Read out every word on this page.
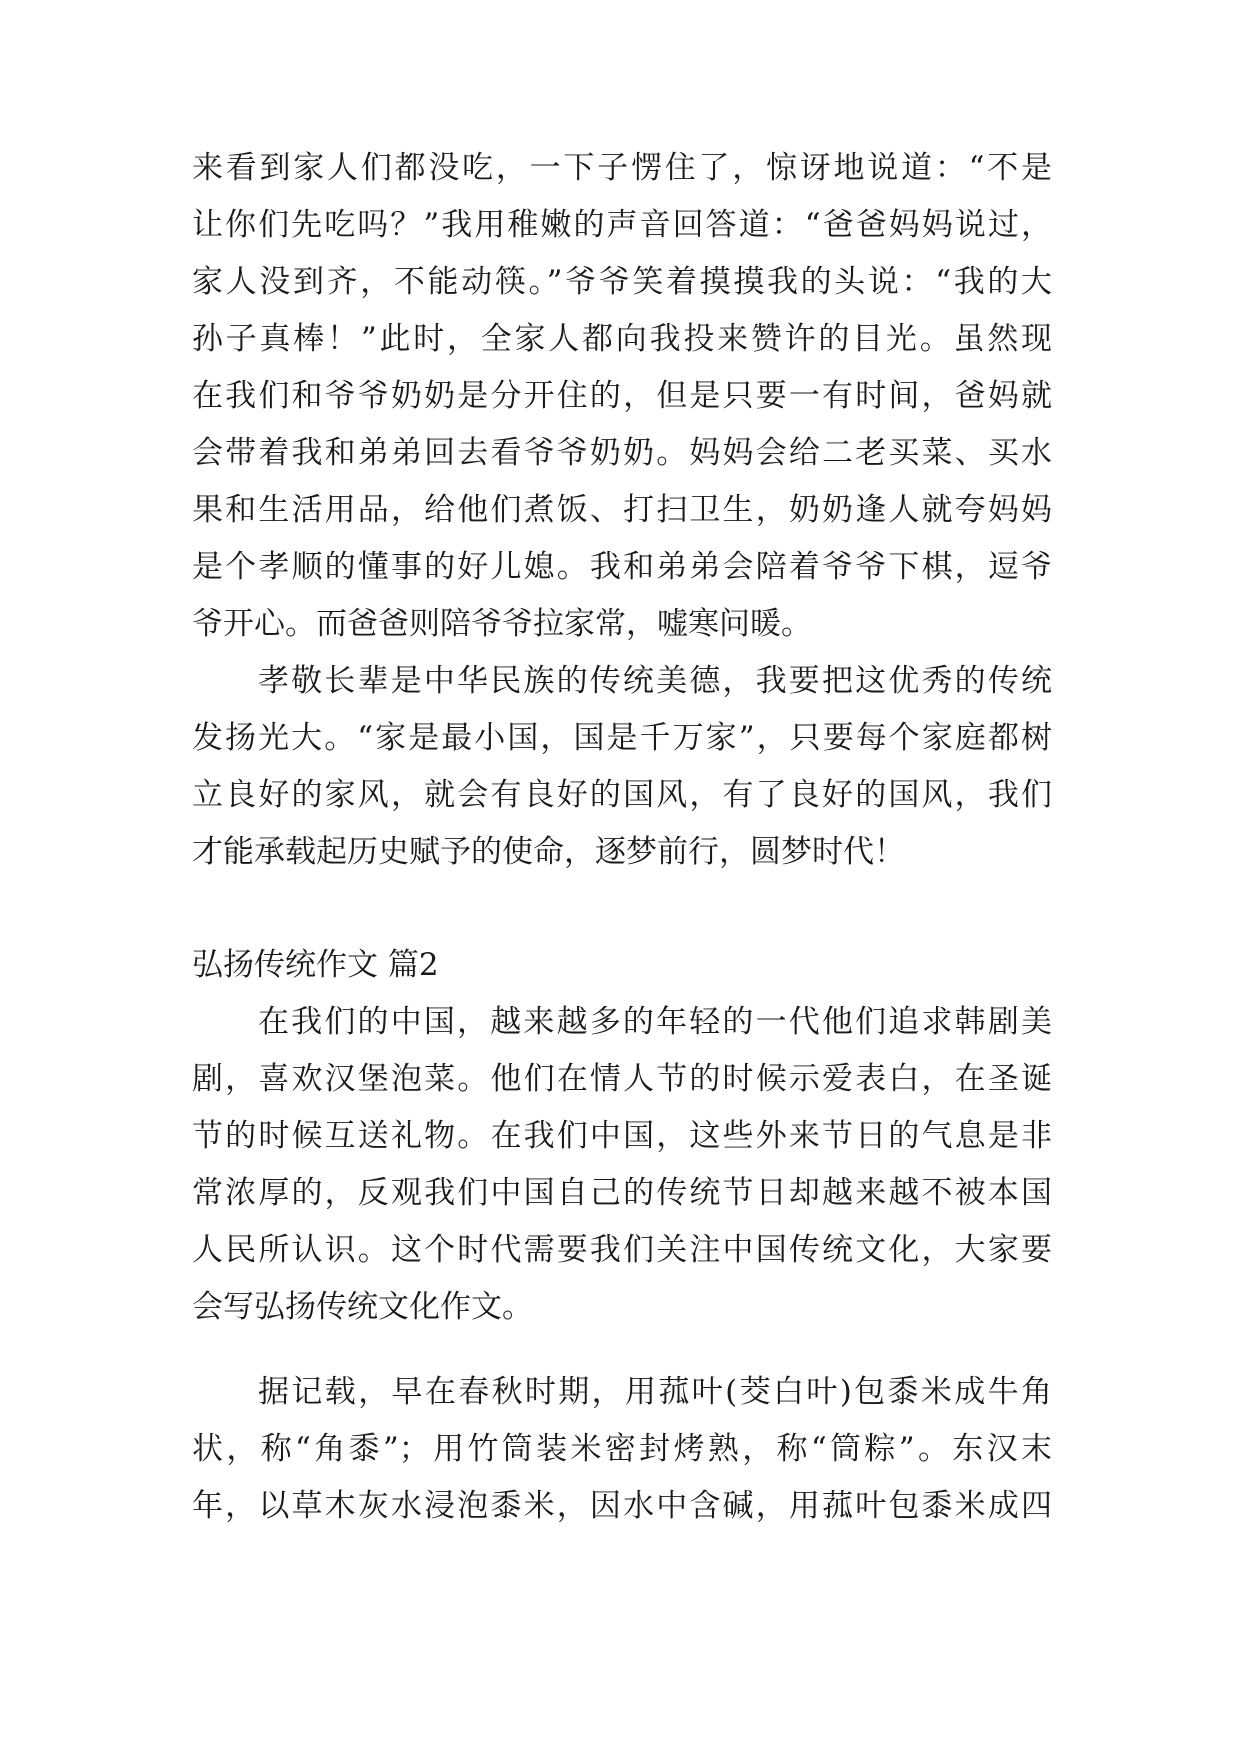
来看到家人们都没吃，一下子愣住了，惊讶地说道：“不是
让你们先吃吗？”我用稚嫩的声音回答道：“爸爸妈妈说过，
家人没到齐，不能动筷。”爷爷笑着摸摸我的头说：“我的大
孙子真棒！”此时，全家人都向我投来赞许的目光。虽然现
在我们和爷爷奶奶是分开住的，但是只要一有时间，爸妈就
会带着我和弟弟回去看爷爷奶奶。妈妈会给二老买菜、买水
果和生活用品，给他们煮饭、打扫卫生，奶奶逢人就夸妈妈
是个孝顺的懂事的好儿媳。我和弟弟会陪着爷爷下棋，逗爷
爷开心。而爸爸则陪爷爷拉家常，嘘寒问暖。
孝敬长辈是中华民族的传统美德，我要把这优秀的传统
发扬光大。“家是最小国，国是千万家”，只要每个家庭都树
立良好的家风，就会有良好的国风，有了良好的国风，我们
才能承载起历史赋予的使命，逐梦前行，圆梦时代！
弘扬传统作文 篇2
在我们的中国，越来越多的年轻的一代他们追求韩剧美
剧，喜欢汉堡泡菜。他们在情人节的时候示爱表白，在圣诞
节的时候互送礼物。在我们中国，这些外来节日的气息是非
常浓厚的，反观我们中国自己的传统节日却越来越不被本国
人民所认识。这个时代需要我们关注中国传统文化，大家要
会写弘扬传统文化作文。
据记载，早在春秋时期，用菰叶(茭白叶)包黍米成牛角
状，称“角黍”；用竹筒装米密封烤熟，称“筒粽”。东汉末
年，以草木灰水浸泡黍米，因水中含碱，用菰叶包黍米成四
